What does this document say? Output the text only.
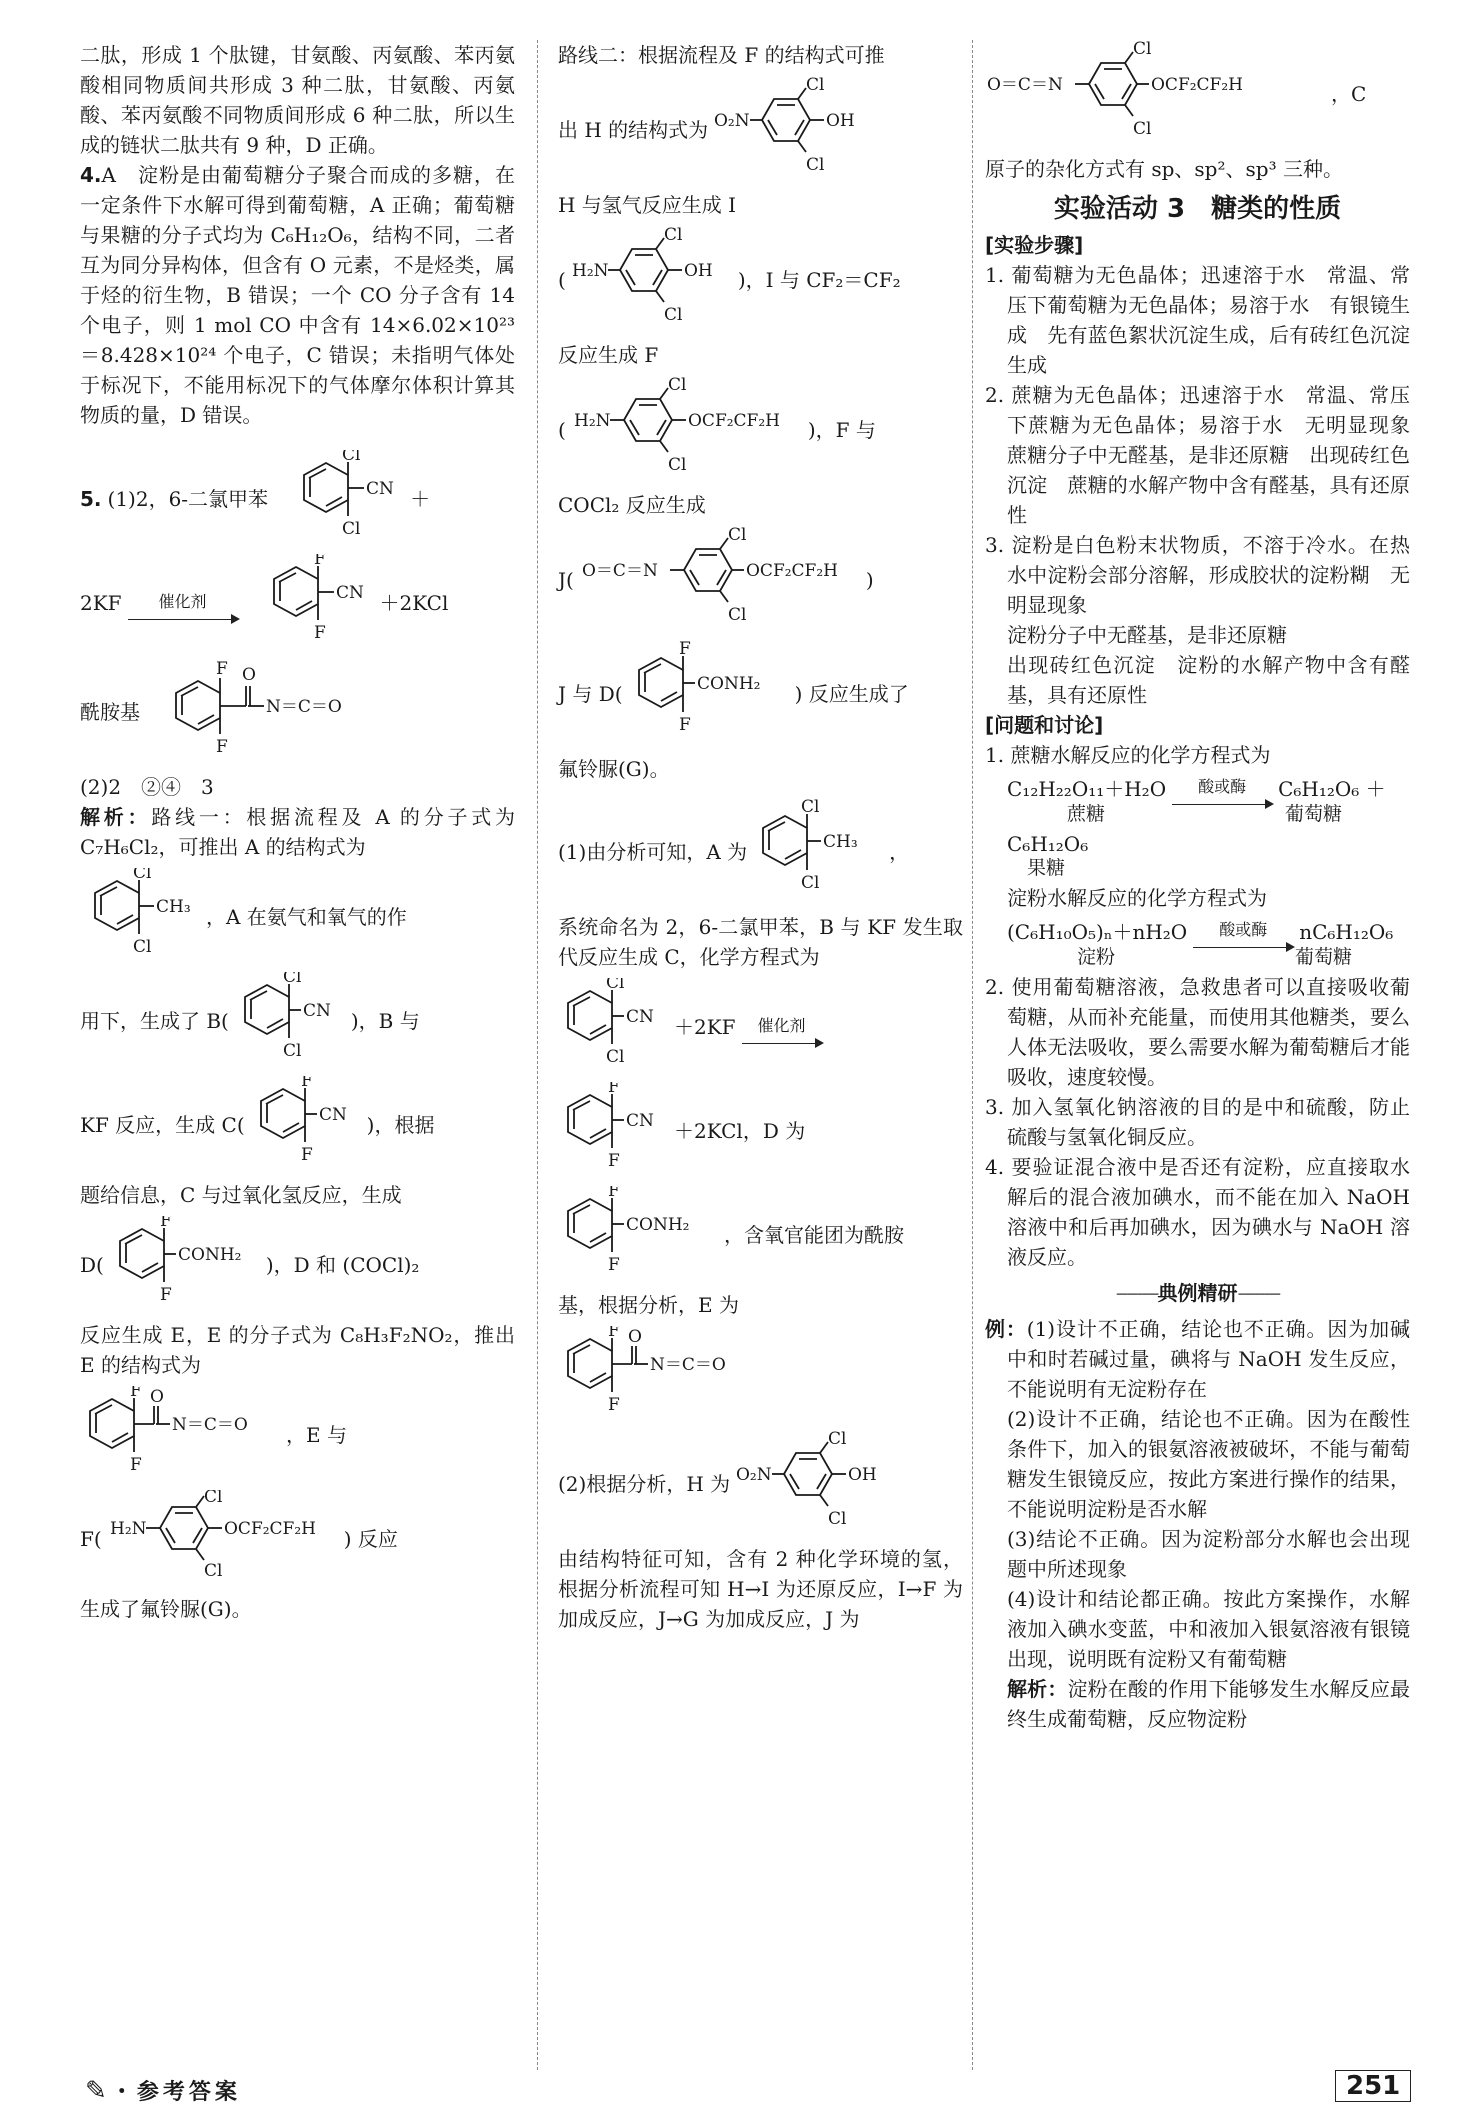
二肽，形成 1 个肽键，甘氨酸、丙氨酸、苯丙氨酸相同物质间共形成 3 种二肽，甘氨酸、丙氨酸、苯丙氨酸不同物质间形成 6 种二肽，所以生成的链状二肽共有 9 种，D 正确。

4.A　淀粉是由葡萄糖分子聚合而成的多糖，在一定条件下水解可得到葡萄糖，A 正确；葡萄糖与果糖的分子式均为 C₆H₁₂O₆，结构不同，二者互为同分异构体，但含有 O 元素，不是烃类，属于烃的衍生物，B 错误；一个 CO 分子含有 14 个电子，则 1 mol CO 中含有 14×6.02×10²³＝8.428×10²⁴ 个电子，C 错误；未指明气体处于标况下，不能用标况下的气体摩尔体积计算其物质的量，D 错误。

5. (1)2，6-二氯甲苯
Cl
Cl
CN ＋
2KF	催化剂
F
F
CN ＋2KCl
酰胺基
F
F
O
N＝C＝O

(2)2　②④　3

解析：路线一：根据流程及 A 的分子式为 C₇H₆Cl₂，可推出 A 的结构式为

Cl
Cl
CH₃ ，A 在氨气和氧气的作
用下，生成了 B(
Cl
Cl
CN )，B 与
KF 反应，生成 C(
F
F
CN )，根据

题给信息，C 与过氧化氢反应，生成

D(
F
F
CONH₂ )，D 和 (COCl)₂

反应生成 E，E 的分子式为 C₈H₃F₂NO₂，推出 E 的结构式为

F
F
O
N＝C＝O ，E 与
F( H₂N
Cl
Cl
OCF₂CF₂H ) 反应

生成了氟铃脲(G)。

路线二：根据流程及 F 的结构式可推

出 H 的结构式为 O₂N
Cl
Cl
OH

H 与氢气反应生成 I

( H₂N
Cl
Cl
OH )，I 与 CF₂＝CF₂

反应生成 F

( H₂N
Cl
Cl
OCF₂CF₂H )，F 与

COCl₂ 反应生成

J( O＝C＝N
Cl
Cl
OCF₂CF₂H )
J 与 D(
F
F
CONH₂ ) 反应生成了

氟铃脲(G)。

(1)由分析可知，A 为
Cl
Cl
CH₃ ，

系统命名为 2，6-二氯甲苯，B 与 KF 发生取代反应生成 C，化学方程式为

Cl
Cl
CN ＋2KF	催化剂
F
F
CN ＋2KCl，D 为
F
F
CONH₂ ，含氧官能团为酰胺

基，根据分析，E 为

F
F
O
N＝C＝O
(2)根据分析，H 为 O₂N
Cl
Cl
OH

由结构特征可知，含有 2 种化学环境的氢，根据分析流程可知 H→I 为还原反应，I→F 为加成反应，J→G 为加成反应，J 为

O＝C＝N
Cl
Cl
OCF₂CF₂H	，C

原子的杂化方式有 sp、sp²、sp³ 三种。

实验活动 3　糖类的性质

[实验步骤]

1. 葡萄糖为无色晶体；迅速溶于水　常温、常压下葡萄糖为无色晶体；易溶于水　有银镜生成　先有蓝色絮状沉淀生成，后有砖红色沉淀生成

2. 蔗糖为无色晶体；迅速溶于水　常温、常压下蔗糖为无色晶体；易溶于水　无明显现象　蔗糖分子中无醛基，是非还原糖　出现砖红色沉淀　蔗糖的水解产物中含有醛基，具有还原性

3. 淀粉是白色粉末状物质，不溶于冷水。在热水中淀粉会部分溶解，形成胶状的淀粉糊　无明显现象

淀粉分子中无醛基，是非还原糖

出现砖红色沉淀　淀粉的水解产物中含有醛基，具有还原性

[问题和讨论]

1. 蔗糖水解反应的化学方程式为

C₁₂H₂₂O₁₁＋H₂O	酸或酶	C₆H₁₂O₆ ＋
蔗糖	葡萄糖
C₆H₁₂O₆
果糖

淀粉水解反应的化学方程式为

(C₆H₁₀O₅)ₙ＋nH₂O	酸或酶	nC₆H₁₂O₆
淀粉	葡萄糖

2. 使用葡萄糖溶液，急救患者可以直接吸收葡萄糖，从而补充能量，而使用其他糖类，要么人体无法吸收，要么需要水解为葡萄糖后才能吸收，速度较慢。

3. 加入氢氧化钠溶液的目的是中和硫酸，防止硫酸与氢氧化铜反应。

4. 要验证混合液中是否还有淀粉，应直接取水解后的混合液加碘水，而不能在加入 NaOH 溶液中和后再加碘水，因为碘水与 NaOH 溶液反应。

--------典例精研--------

例：(1)设计不正确，结论也不正确。因为加碱中和时若碱过量，碘将与 NaOH 发生反应，不能说明有无淀粉存在

(2)设计不正确，结论也不正确。因为在酸性条件下，加入的银氨溶液被破坏，不能与葡萄糖发生银镜反应，按此方案进行操作的结果，不能说明淀粉是否水解

(3)结论不正确。因为淀粉部分水解也会出现题中所述现象

(4)设计和结论都正确。按此方案操作，水解液加入碘水变蓝，中和液加入银氨溶液有银镜出现，说明既有淀粉又有葡萄糖

解析：淀粉在酸的作用下能够发生水解反应最终生成葡萄糖，反应物淀粉

✎・参考答案	251
